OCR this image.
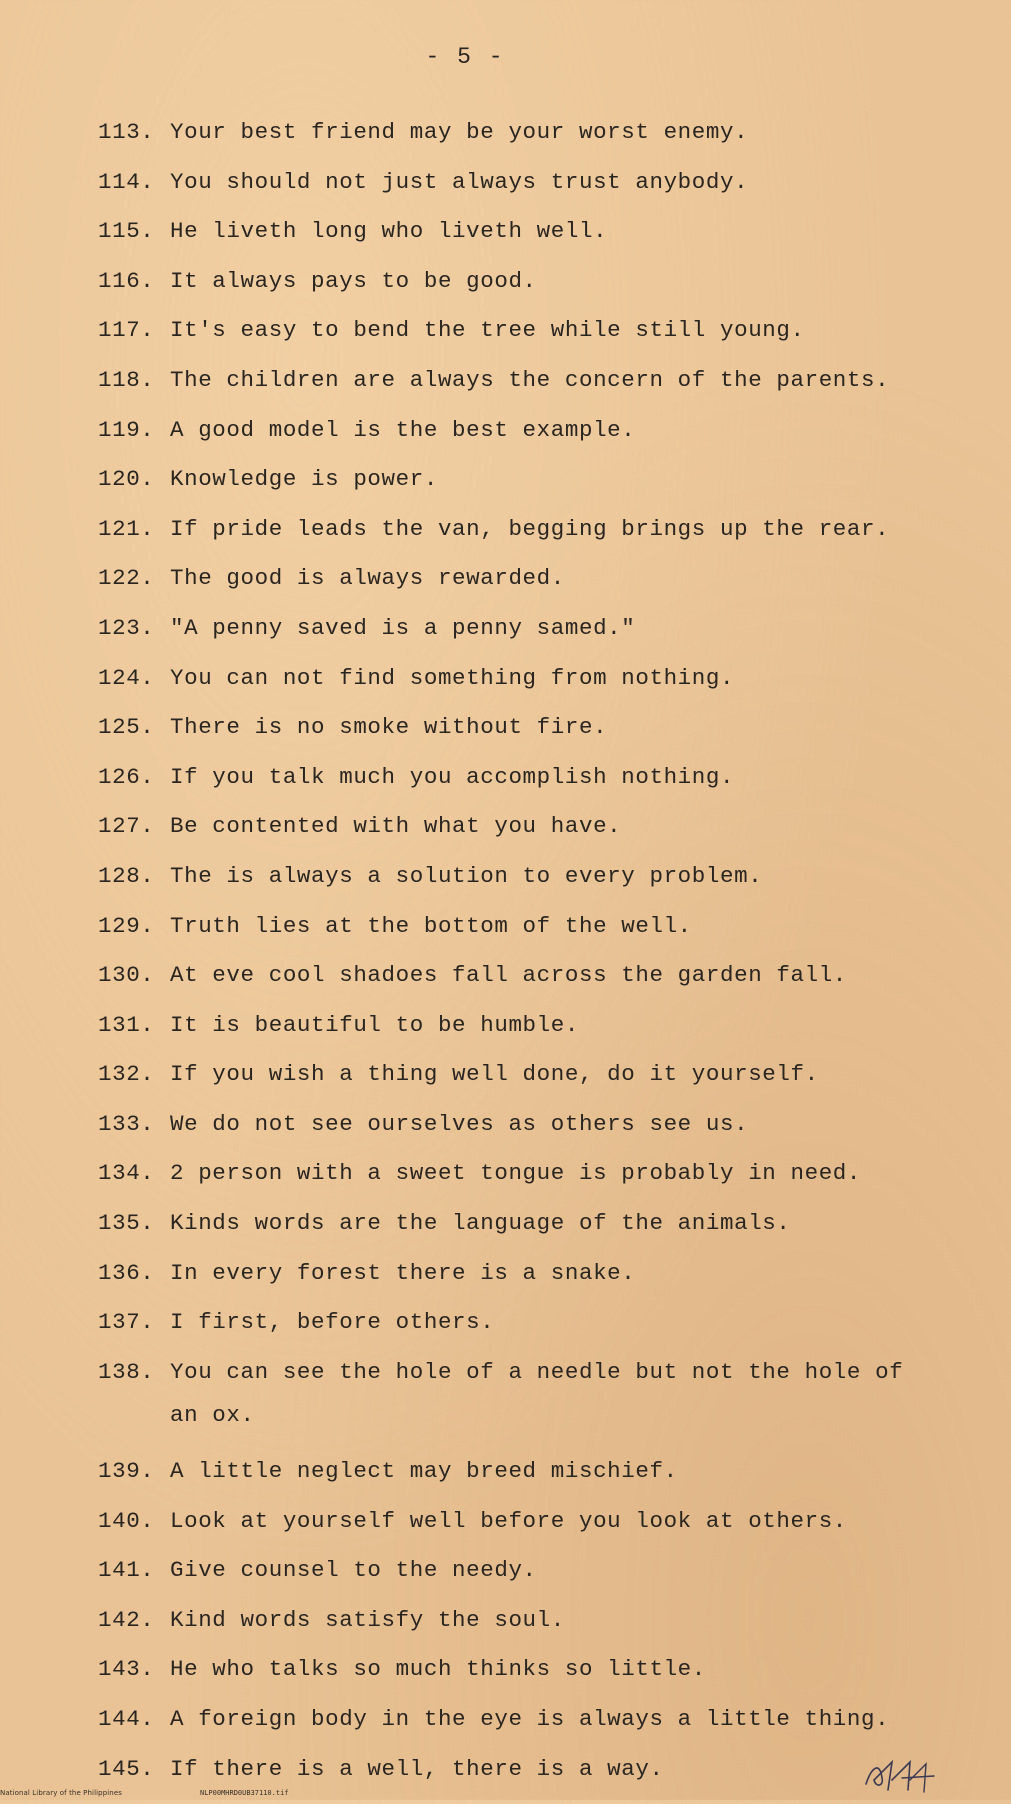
- 5 -
113. Your best friend may be your worst enemy.
114. You should not just always trust anybody.
115. He liveth long who liveth well.
116. It always pays to be good.
117. It's easy to bend the tree while still young.
118. The children are always the concern of the parents.
119. A good model is the best example.
120. Knowledge is power.
121. If pride leads the van, begging brings up the rear.
122. The good is always rewarded.
123. "A penny saved is a penny samed."
124. You can not find something from nothing.
125. There is no smoke without fire.
126. If you talk much you accomplish nothing.
127. Be contented with what you have.
128. The is always a solution to every problem.
129. Truth lies at the bottom of the well.
130. At eve cool shadoes fall across the garden fall.
131. It is beautiful to be humble.
132. If you wish a thing well done, do it yourself.
133. We do not see ourselves as others see us.
134. 2 person with a sweet tongue is probably in need.
135. Kinds words are the language of the animals.
136. In every forest there is a snake.
137. I first, before others.
138. You can see the hole of a needle but not the hole of an ox.
139. A little neglect may breed mischief.
140. Look at yourself well before you look at others.
141. Give counsel to the needy.
142. Kind words satisfy the soul.
143. He who talks so much thinks so little.
144. A foreign body in the eye is always a little thing.
145. If there is a well, there is a way.
National Library of the Philippines	NLP00MHRD0UB37110.tif
